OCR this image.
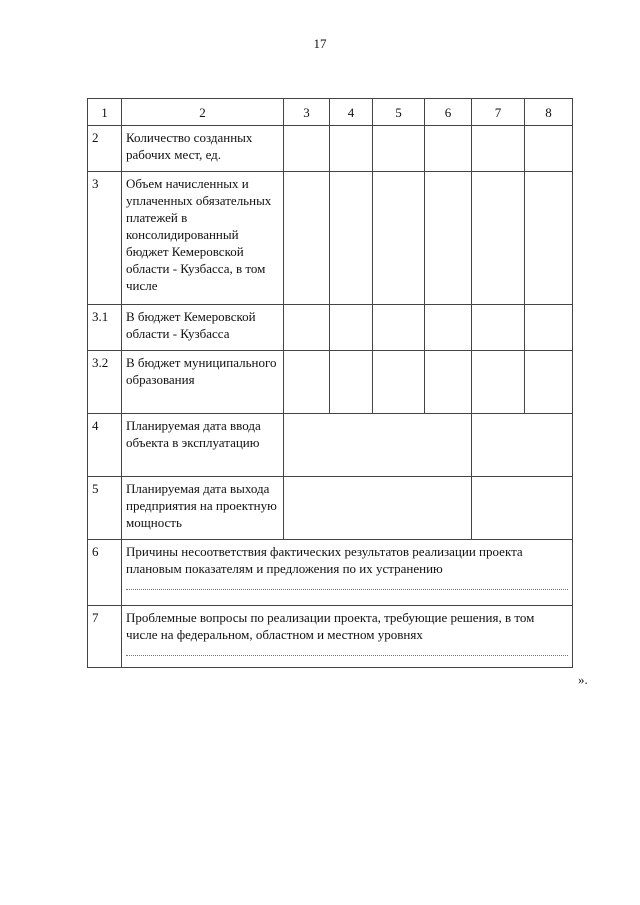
17
1	2	3	4	5	6	7	8
2	Количество созданных рабочих мест, ед.						
3	Объем начисленных и уплаченных обязательных платежей в консолидированный бюджет Кемеровской области - Кузбасса, в том числе						
3.1	В бюджет Кемеровской области - Кузбасса						
3.2	В бюджет муниципального образования						
4	Планируемая дата ввода объекта в эксплуатацию						
5	Планируемая дата выхода предприятия на проектную мощность						
6	Причины несоответствия фактических результатов реализации проекта плановым показателям и предложения по их устранению						

7	Проблемные вопросы по реализации проекта, требующие решения, в том числе на федеральном, областном и местном уровнях						
».
